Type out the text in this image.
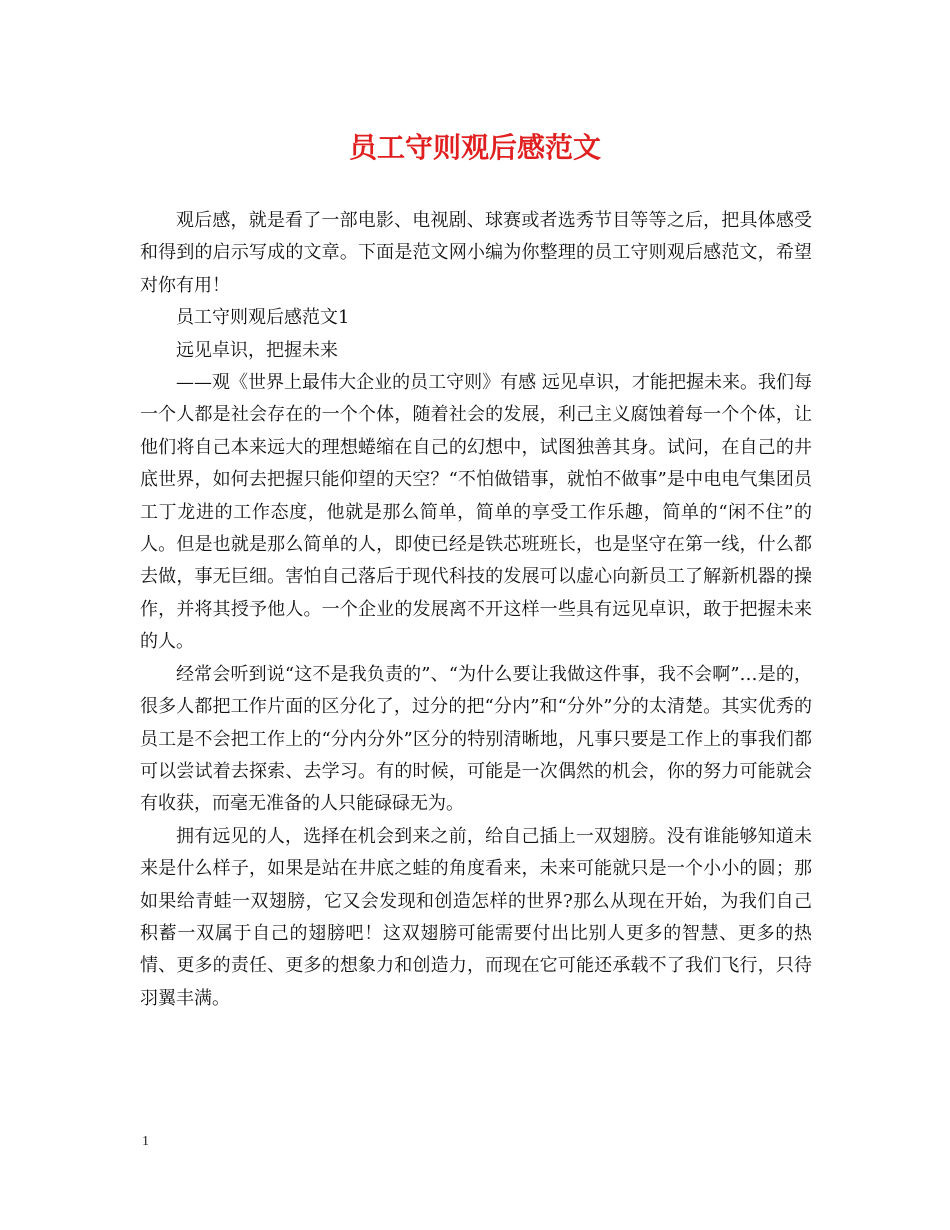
员工守则观后感范文

观后感，就是看了一部电影、电视剧、球赛或者选秀节目等等之后，把具体感受和得到的启示写成的文章。下面是范文网小编为你整理的员工守则观后感范文，希望对你有用！

员工守则观后感范文1

远见卓识，把握未来

——观《世界上最伟大企业的员工守则》有感 远见卓识，才能把握未来。我们每一个人都是社会存在的一个个体，随着社会的发展，利己主义腐蚀着每一个个体，让他们将自己本来远大的理想蜷缩在自己的幻想中，试图独善其身。试问，在自己的井底世界，如何去把握只能仰望的天空？“不怕做错事，就怕不做事”是中电电气集团员工丁龙进的工作态度，他就是那么简单，简单的享受工作乐趣，简单的“闲不住”的人。但是也就是那么简单的人，即使已经是铁芯班班长，也是坚守在第一线，什么都去做，事无巨细。害怕自己落后于现代科技的发展可以虚心向新员工了解新机器的操作，并将其授予他人。一个企业的发展离不开这样一些具有远见卓识，敢于把握未来的人。

经常会听到说“这不是我负责的”、“为什么要让我做这件事，我不会啊”…是的，很多人都把工作片面的区分化了，过分的把“分内”和“分外”分的太清楚。其实优秀的员工是不会把工作上的“分内分外”区分的特别清晰地，凡事只要是工作上的事我们都可以尝试着去探索、去学习。有的时候，可能是一次偶然的机会，你的努力可能就会有收获，而毫无准备的人只能碌碌无为。

拥有远见的人，选择在机会到来之前，给自己插上一双翅膀。没有谁能够知道未来是什么样子，如果是站在井底之蛙的角度看来，未来可能就只是一个小小的圆；那如果给青蛙一双翅膀，它又会发现和创造怎样的世界?那么从现在开始，为我们自己积蓄一双属于自己的翅膀吧！这双翅膀可能需要付出比别人更多的智慧、更多的热情、更多的责任、更多的想象力和创造力，而现在它可能还承载不了我们飞行，只待羽翼丰满。

1
